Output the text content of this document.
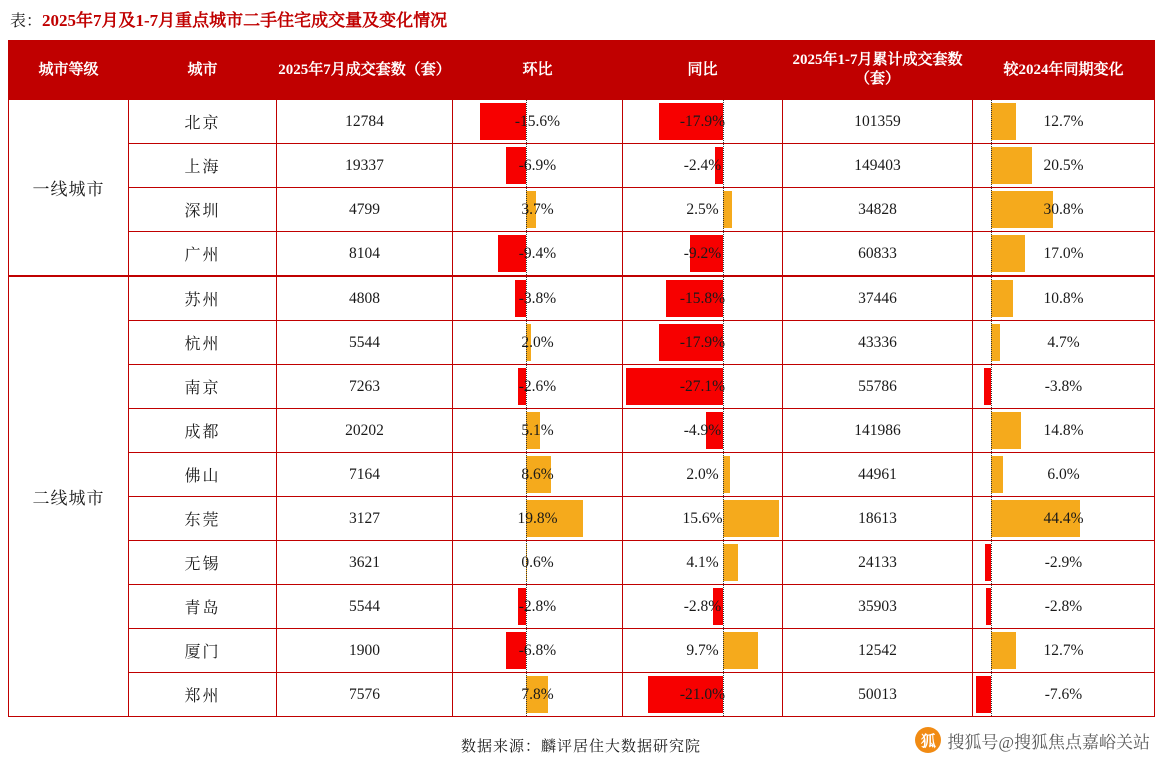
表： 2025年7月及1-7月重点城市二手住宅成交量及变化情况
城市等级	城市	2025年7月成交套数（套）	环比	同比	2025年1-7月累计成交套数（套）	较2024年同期变化
一线城市	北京	12784	-15.6%	-17.9%	101359	12.7%

	上海	19337	-6.9%	-2.4%	149403	20.5%

	深圳	4799	3.7%	2.5%	34828	30.8%

	广州	8104	-9.4%	-9.2%	60833	17.0%

二线城市	苏州	4808	-3.8%	-15.8%	37446	10.8%

	杭州	5544	2.0%	-17.9%	43336	4.7%

	南京	7263	-2.6%	-27.1%	55786	-3.8%

	成都	20202	5.1%	-4.9%	141986	14.8%

	佛山	7164	8.6%	2.0%	44961	6.0%

	东莞	3127	19.8%	15.6%	18613	44.4%

	无锡	3621	0.6%	4.1%	24133	-2.9%

	青岛	5544	-2.8%	-2.8%	35903	-2.8%

	厦门	1900	-6.8%	9.7%	12542	12.7%

	郑州	7576	7.8%	-21.0%	50013	-7.6%
数据来源：麟评居住大数据研究院	狐 搜狐号@搜狐焦点嘉峪关站
